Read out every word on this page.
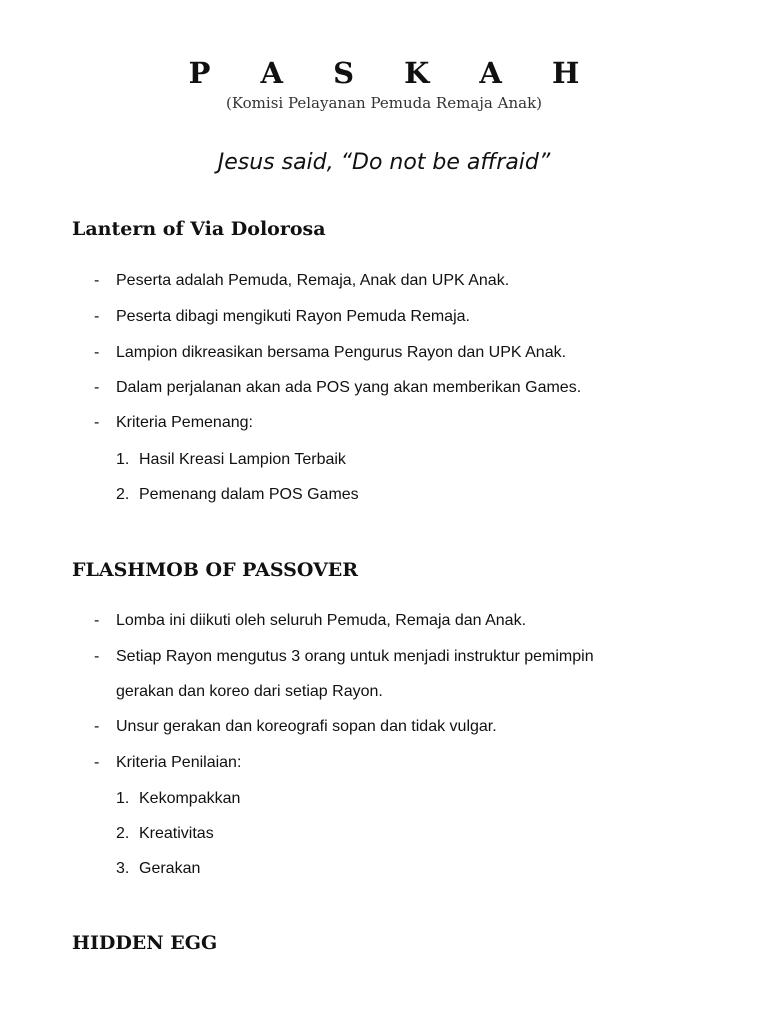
P A S K A H
(Komisi Pelayanan Pemuda Remaja Anak)
Jesus said, “Do not be affraid”
Lantern of Via Dolorosa
- Peserta adalah Pemuda, Remaja, Anak dan UPK Anak.
- Peserta dibagi mengikuti Rayon Pemuda Remaja.
- Lampion dikreasikan bersama Pengurus Rayon dan UPK Anak.
- Dalam perjalanan akan ada POS yang akan memberikan Games.
- Kriteria Pemenang:
1. Hasil Kreasi Lampion Terbaik
2. Pemenang dalam POS Games
FLASHMOB OF PASSOVER
- Lomba ini diikuti oleh seluruh Pemuda, Remaja dan Anak.
- Setiap Rayon mengutus 3 orang untuk menjadi instruktur pemimpin
gerakan dan koreo dari setiap Rayon.
- Unsur gerakan dan koreografi sopan dan tidak vulgar.
- Kriteria Penilaian:
1. Kekompakkan
2. Kreativitas
3. Gerakan
HIDDEN EGG
